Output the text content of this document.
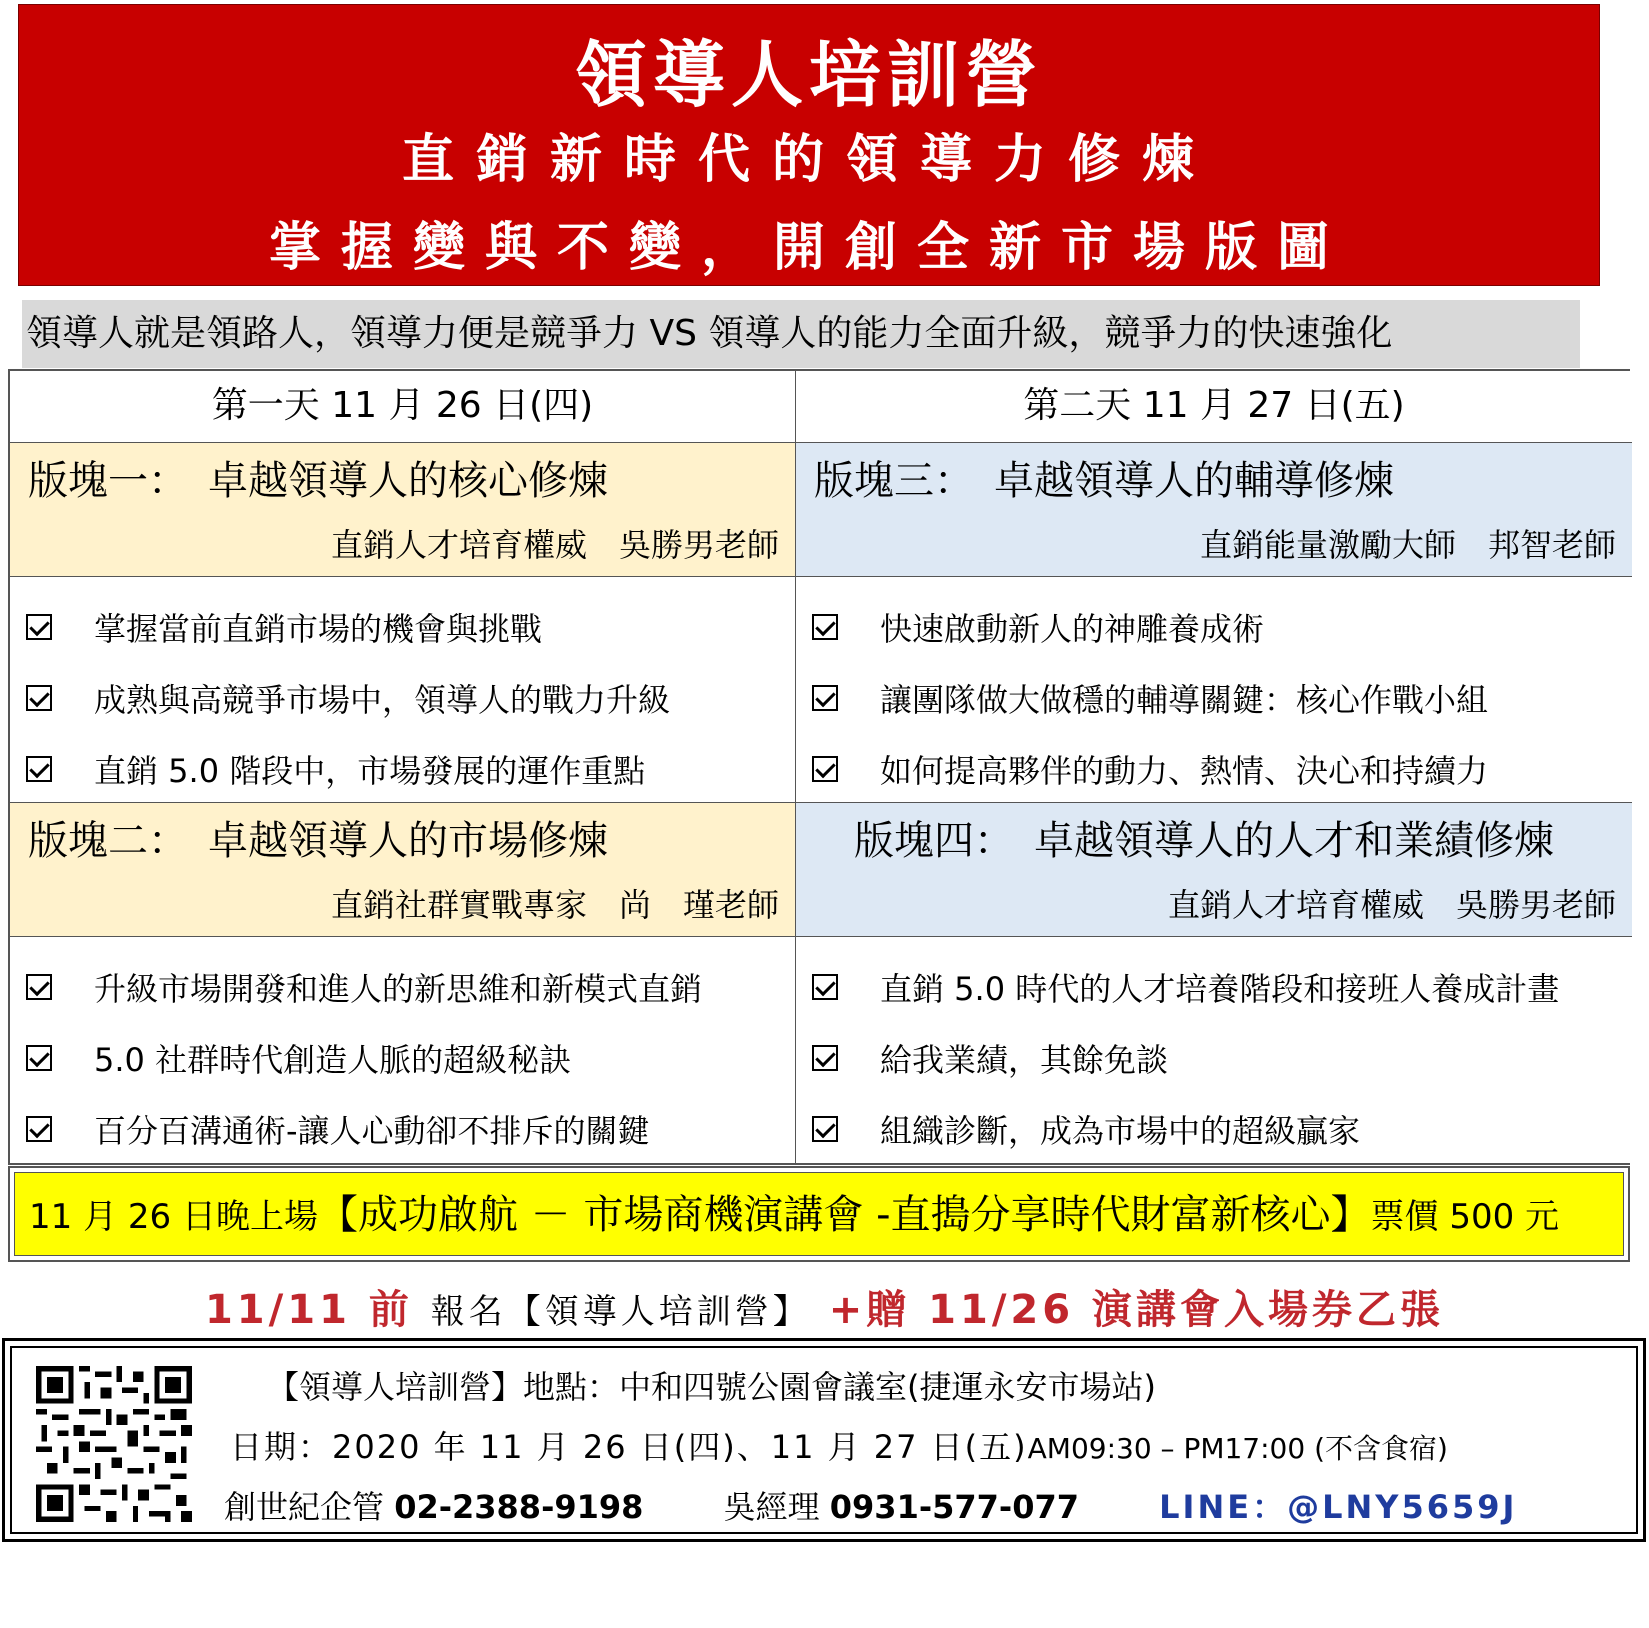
領導人培訓營
直銷新時代的領導力修煉
掌握變與不變，開創全新市場版圖
領導人就是領路人，領導力便是競爭力 VS 領導人的能力全面升級，競爭力的快速強化
第一天 11 月 26 日(四)	第二天 11 月 27 日(五)
版塊一：　卓越領導人的核心修煉
直銷人才培育權威　吳勝男老師
版塊三：　卓越領導人的輔導修煉
直銷能量激勵大師　邦智老師
掌握當前直銷市場的機會與挑戰
成熟與高競爭市場中，領導人的戰力升級
直銷 5.0 階段中，市場發展的運作重點
快速啟動新人的神雕養成術
讓團隊做大做穩的輔導關鍵：核心作戰小組
如何提高夥伴的動力、熱情、決心和持續力
版塊二：　卓越領導人的市場修煉
直銷社群實戰專家　尚　瑾老師
版塊四：　卓越領導人的人才和業績修煉
直銷人才培育權威　吳勝男老師
升級市場開發和進人的新思維和新模式直銷
5.0 社群時代創造人脈的超級秘訣
百分百溝通術-讓人心動卻不排斥的關鍵
直銷 5.0 時代的人才培養階段和接班人養成計畫
給我業績，其餘免談
組織診斷，成為市場中的超級贏家
11 月 26 日晚上場【成功啟航 － 市場商機演講會 -直搗分享時代財富新核心】票價 500 元
11/11 前 報名【領導人培訓營】 +贈 11/26 演講會入場券乙張
【領導人培訓營】地點：中和四號公園會議室(捷運永安市場站)
日期：2020 年 11 月 26 日(四)、11 月 27 日(五)AM09:30 – PM17:00 (不含食宿)
創世紀企管 02-2388-9198	吳經理 0931-577-077	LINE：@LNY5659J
